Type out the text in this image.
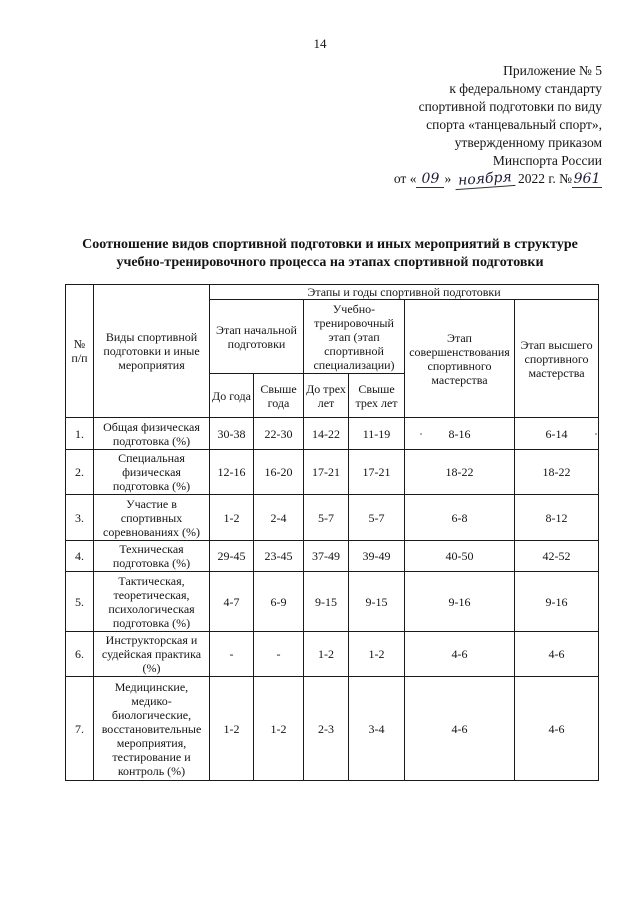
14
Приложение № 5
к федеральному стандарту
спортивной подготовки по виду
спорта «танцевальный спорт»,
утвержденному приказом
Минспорта России
от « 09 » ноября 2022 г. № 961
Соотношение видов спортивной подготовки и иных мероприятий в структуре
учебно-тренировочного процесса на этапах спортивной подготовки
№ п/п	Виды спортивной подготовки и иные мероприятия	Этапы и годы спортивной подготовки					
		Этап начальной подготовки		Учебно-тренировочный этап (этап спортивной специализации)		Этап совершенствования спортивного мастерства	Этап высшего спортивного мастерства
		До года	Свыше года	До трех лет	Свыше трех лет		
1.	Общая физическая подготовка (%)	30-38	22-30	14-22	11-19	8-16	6-14
2.	Специальная физическая подготовка (%)	12-16	16-20	17-21	17-21	18-22	18-22
3.	Участие в спортивных соревнованиях (%)	1-2	2-4	5-7	5-7	6-8	8-12
4.	Техническая подготовка (%)	29-45	23-45	37-49	39-49	40-50	42-52
5.	Тактическая, теоретическая, психологическая подготовка (%)	4-7	6-9	9-15	9-15	9-16	9-16
6.	Инструкторская и судейская практика (%)	-	-	1-2	1-2	4-6	4-6
7.	Медицинские, медико-биологические, восстановительные мероприятия, тестирование и контроль (%)	1-2	1-2	2-3	3-4	4-6	4-6
